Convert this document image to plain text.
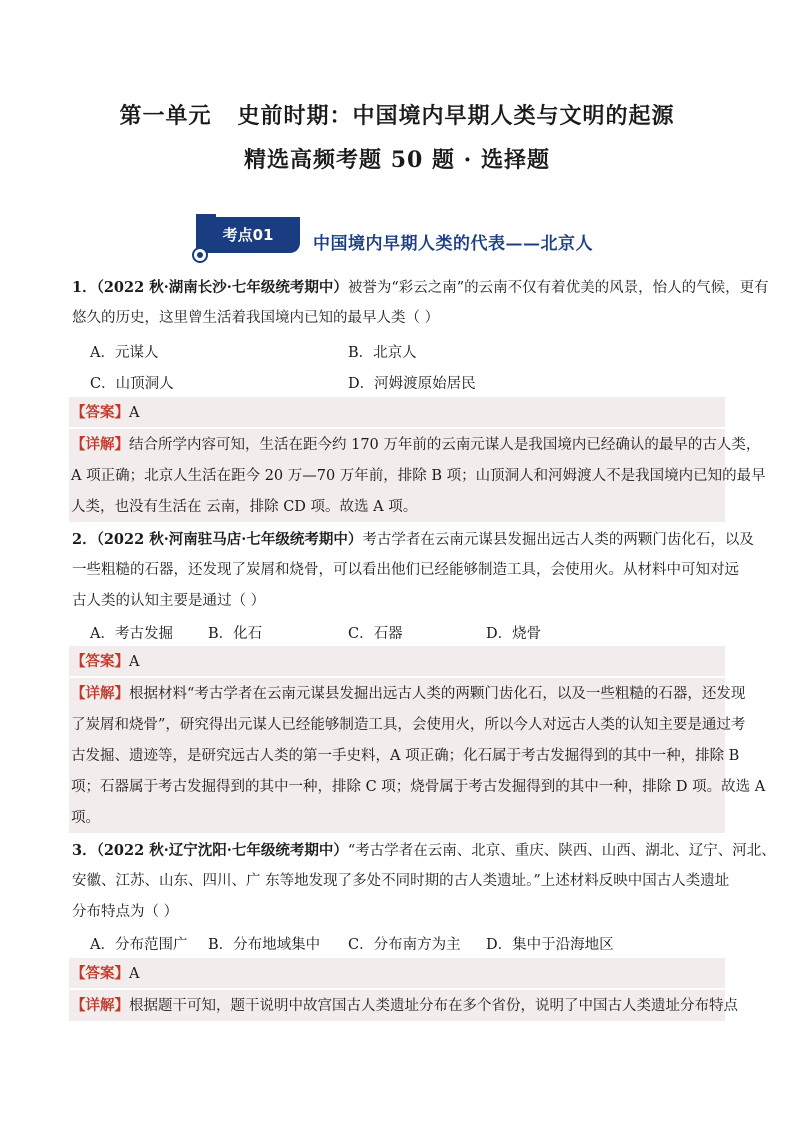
第一单元 史前时期：中国境内早期人类与文明的起源
精选高频考题 50 题 · 选择题
考点01	中国境内早期人类的代表——北京人
1．（2022 秋·湖南长沙·七年级统考期中）被誉为“彩云之南”的云南不仅有着优美的风景，怡人的气候，更有
悠久的历史，这里曾生活着我国境内已知的最早人类（ ）
A．元谋人	B．北京人
C．山顶洞人	D．河姆渡原始居民
【答案】A
【详解】结合所学内容可知，生活在距今约 170 万年前的云南元谋人是我国境内已经确认的最早的古人类，
A 项正确；北京人生活在距今 20 万—70 万年前，排除 B 项；山顶洞人和河姆渡人不是我国境内已知的最早
人类，也没有生活在 云南，排除 CD 项。故选 A 项。
2．（2022 秋·河南驻马店·七年级统考期中）考古学者在云南元谋县发掘出远古人类的两颗门齿化石，以及
一些粗糙的石器，还发现了炭屑和烧骨，可以看出他们已经能够制造工具，会使用火。从材料中可知对远
古人类的认知主要是通过（ ）
A．考古发掘 B．化石	C．石器	D．烧骨
【答案】A
【详解】根据材料“考古学者在云南元谋县发掘出远古人类的两颗门齿化石，以及一些粗糙的石器，还发现
了炭屑和烧骨”，研究得出元谋人已经能够制造工具，会使用火，所以今人对远古人类的认知主要是通过考
古发掘、遗迹等，是研究远古人类的第一手史料，A 项正确；化石属于考古发掘得到的其中一种，排除 B
项；石器属于考古发掘得到的其中一种，排除 C 项；烧骨属于考古发掘得到的其中一种，排除 D 项。故选 A
项。
3．（2022 秋·辽宁沈阳·七年级统考期中）“考古学者在云南、北京、重庆、陕西、山西、湖北、辽宁、河北、
安徽、江苏、山东、四川、广 东等地发现了多处不同时期的古人类遗址。”上述材料反映中国古人类遗址
分布特点为（ ）
A．分布范围广 B．分布地域集中 C．分布南方为主 D．集中于沿海地区
【答案】A
【详解】根据题干可知，题干说明中故宫国古人类遗址分布在多个省份，说明了中国古人类遗址分布特点
